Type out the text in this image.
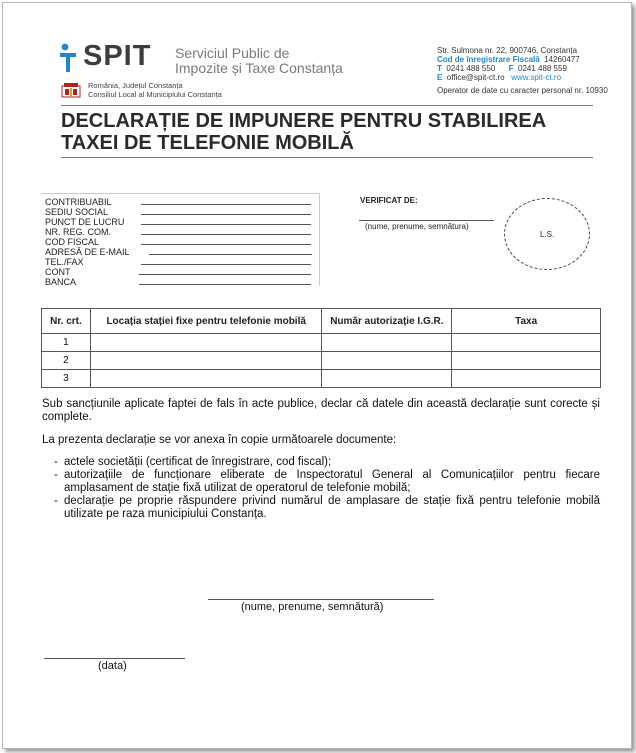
SPIT Serviciul Public de
Impozite și Taxe Constanța
România, Județul Constanța
Consiliul Local al Municipiului Constanța
Str. Sulmona nr. 22, 900746, Constanța
Cod de înregistrare Fiscală 14260477
T 0241 488 550 F 0241 488 559
E office@spit-ct.ro www.spit-ct.ro
Operator de date cu caracter personal nr. 10930
DECLARAȚIE DE IMPUNERE PENTRU STABILIREA
TAXEI DE TELEFONIE MOBILĂ
CONTRIBUABIL
SEDIU SOCIAL
PUNCT DE LUCRU
NR. REG. COM.
COD FISCAL
ADRESĂ DE E-MAIL
TEL./FAX
CONT
BANCA
VERIFICAT DE:
(nume, prenume, semnătura)
L.S.
Nr. crt.	Locația stației fixe pentru telefonie mobilă	Număr autorizație I.G.R.	Taxa
1			
2			
3			
Sub sancțiunile aplicate faptei de fals în acte publice, declar că datele din această declarație sunt corecte și complete.
La prezenta declarație se vor anexa în copie următoarele documente:
- actele societății (certificat de înregistrare, cod fiscal);
- autorizațiile de funcționare eliberate de Inspectoratul General al Comunicațiilor pentru fiecare amplasament de stație fixă utilizat de operatorul de telefonie mobilă;
- declarație pe proprie răspundere privind numărul de amplasare de stație fixă pentru telefonie mobilă utilizate pe raza municipiului Constanța.
(nume, prenume, semnătură)
(data)
